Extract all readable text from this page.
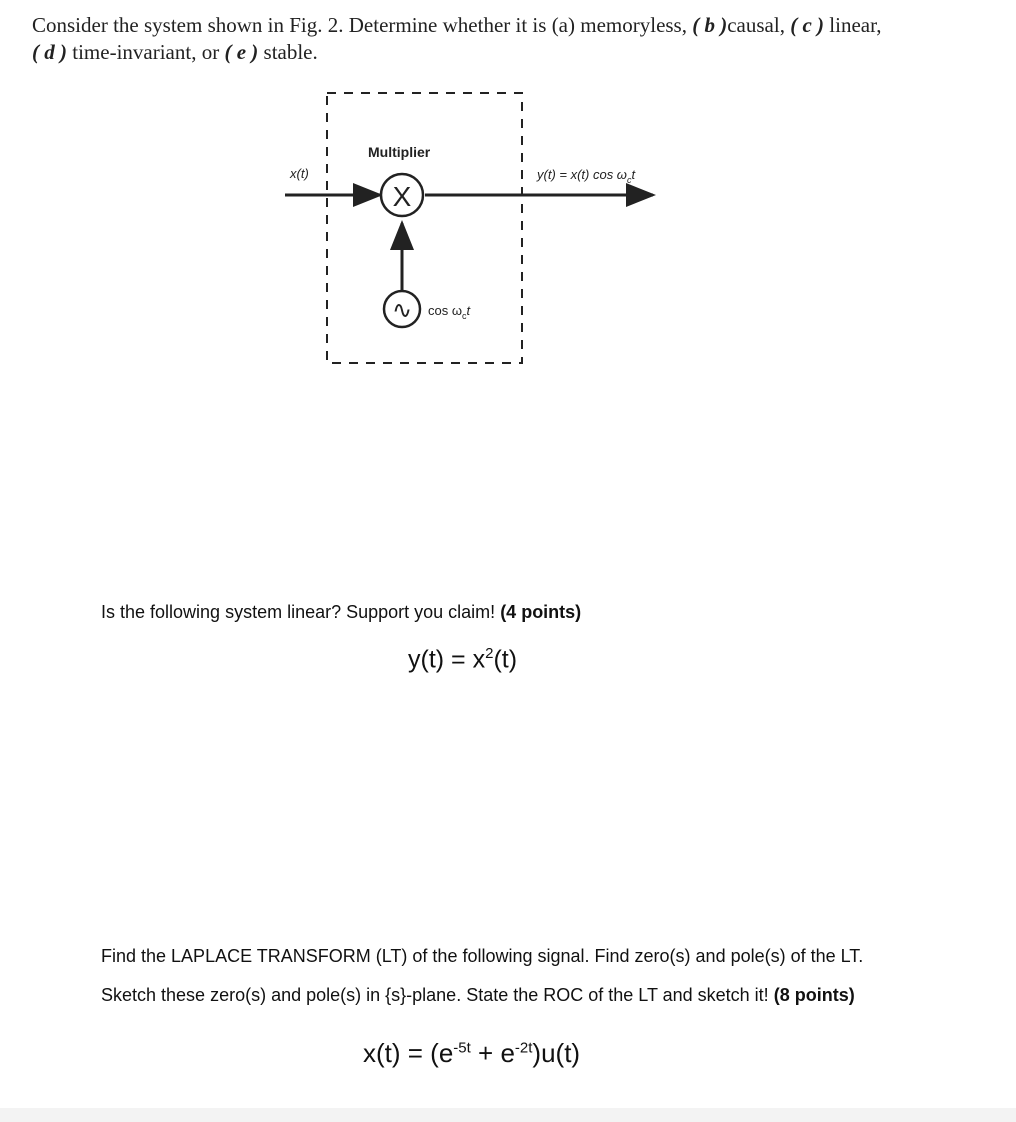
Consider the system shown in Fig. 2. Determine whether it is (a) memoryless, ( b )causal, ( c ) linear,
( d ) time-invariant, or ( e ) stable.
X
Multiplier
∿
x(t)	y(t) = x(t) $\cos \omega_ct$
$\cos \omega_ct$
Is the following system linear? Support you claim! (4 points)
$y(t) = x^2(t)$
Find the LAPLACE TRANSFORM (LT) of the following signal. Find zero(s) and pole(s) of the LT.
Sketch these zero(s) and pole(s) in {s}-plane. State the ROC of the LT and sketch it! (8 points)
$x(t) = (e^{-5t} + e^{-2t})u(t)$
